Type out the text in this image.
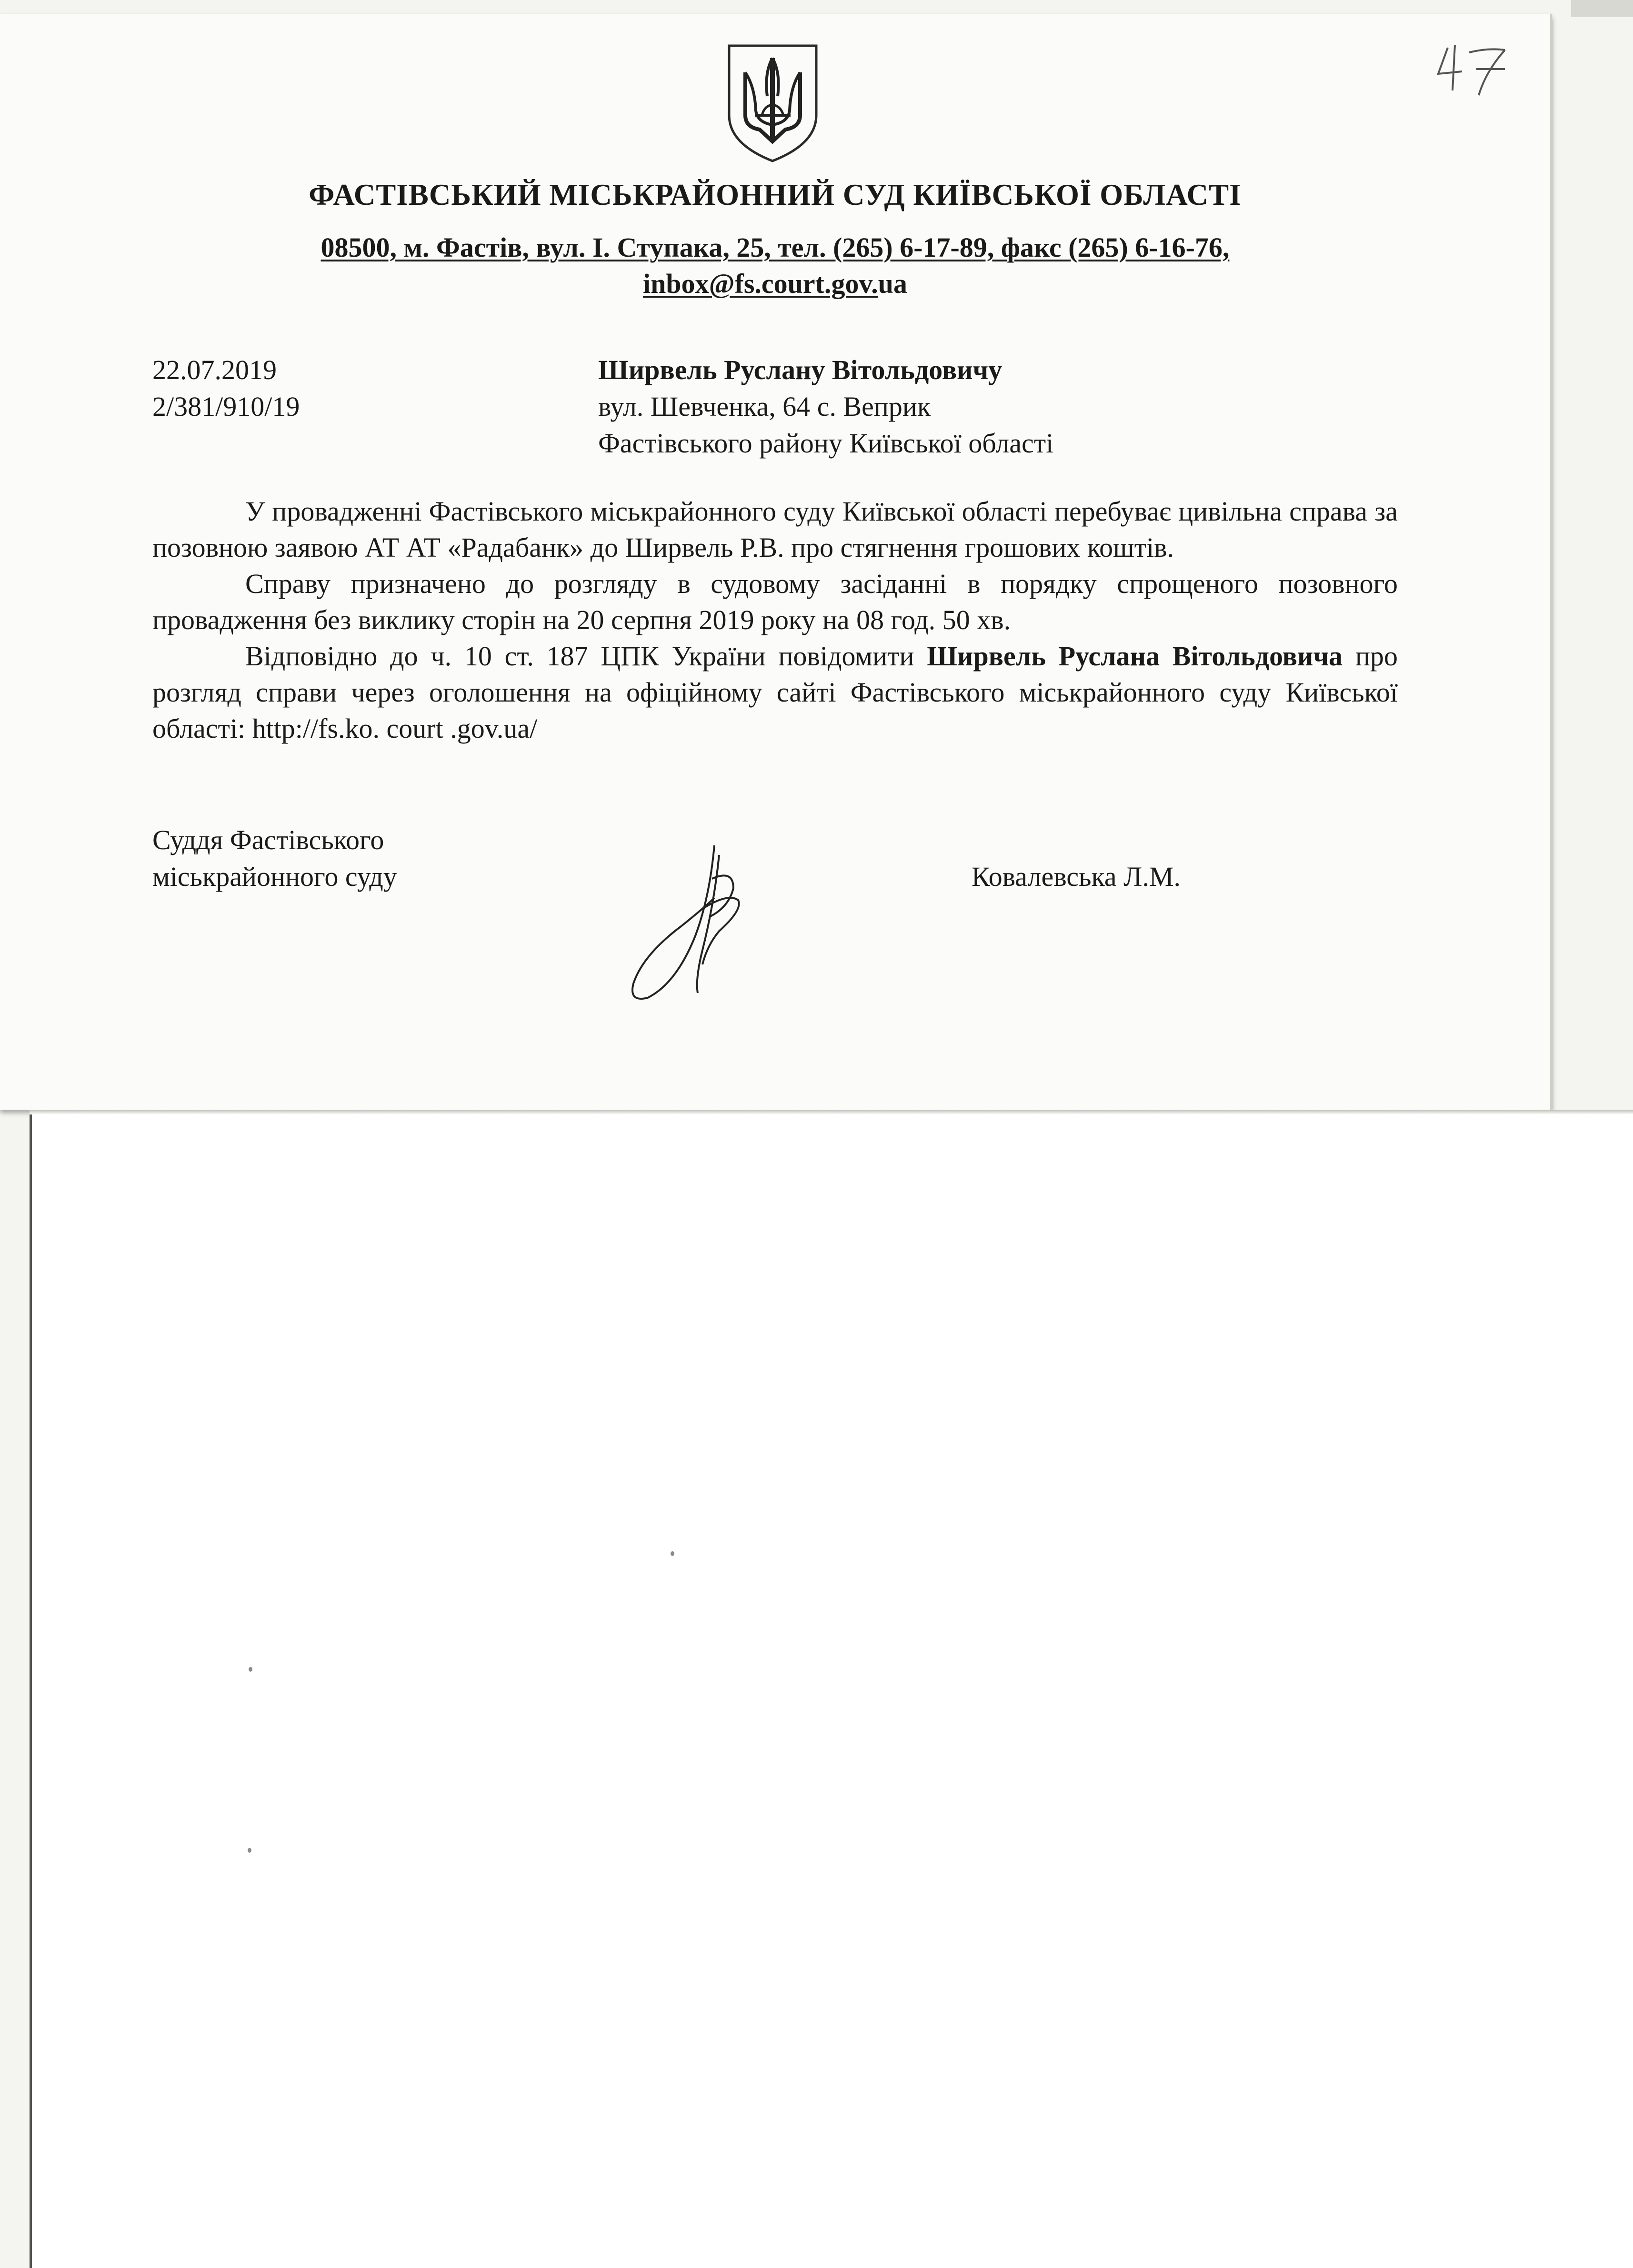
ФАСТІВСЬКИЙ МІСЬКРАЙОННИЙ СУД КИЇВСЬКОЇ ОБЛАСТІ
08500, м. Фастів, вул. І. Ступака, 25, тел. (265) 6-17-89, факс (265) 6-16-76,
inbox@fs.court.gov.ua
22.07.2019
2/381/910/19
Ширвель Руслану Вітольдовичу
вул. Шевченка, 64 с. Веприк
Фастівського району Київської області

У провадженні Фастівського міськрайонного суду Київської області перебуває цивільна справа за позовною заявою АТ АТ «Радабанк» до Ширвель Р.В. про стягнення грошових коштів.

Справу призначено до розгляду в судовому засіданні в порядку спрощеного позовного провадження без виклику сторін на 20 серпня 2019 року на 08 год. 50 хв.

Відповідно до ч. 10 ст. 187 ЦПК України повідомити Ширвель Руслана Вітольдовича про розгляд справи через оголошення на офіційному сайті Фастівського міськрайонного суду Київської області: http://fs.ko. court .gov.ua/

Суддя Фастівського
міськрайонного суду	Ковалевська Л.М.
